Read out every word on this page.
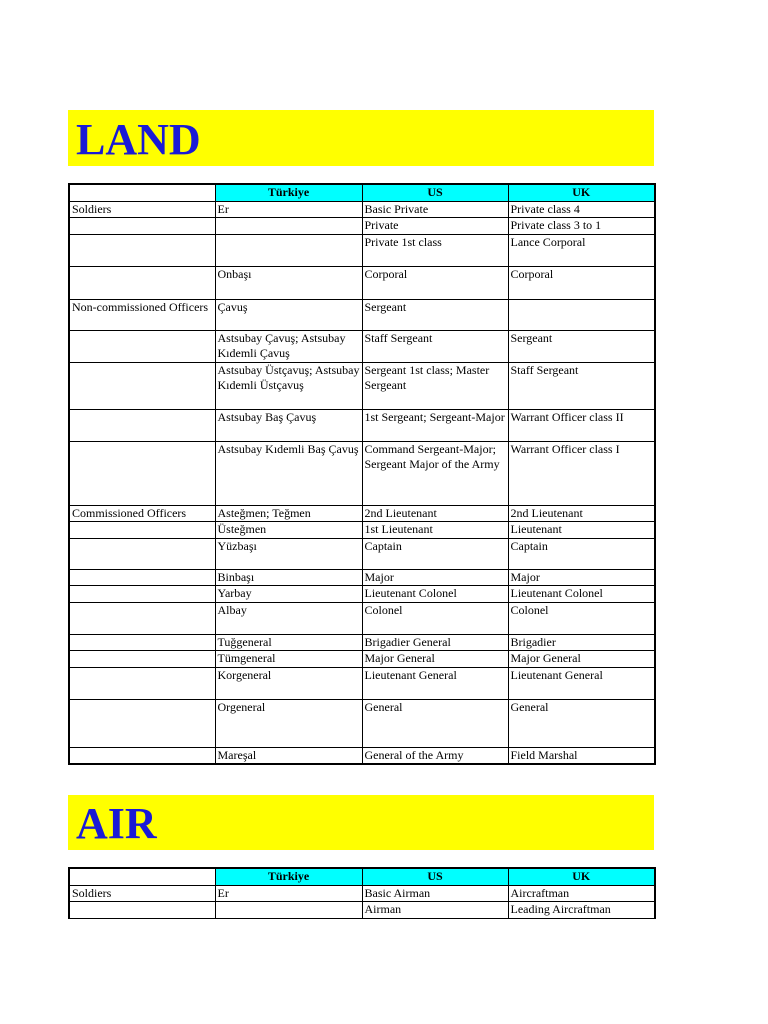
LAND
	Türkiye	US	UK
Soldiers	Er	Basic Private	Private class 4
		Private	Private class 3 to 1
		Private 1st class	Lance Corporal
	Onbaşı	Corporal	Corporal
Non-commissioned Officers	Çavuş	Sergeant	
	Astsubay Çavuş; Astsubay Kıdemli Çavuş	Staff Sergeant	Sergeant
	Astsubay Üstçavuş; Astsubay Kıdemli Üstçavuş	Sergeant 1st class; Master Sergeant	Staff Sergeant
	Astsubay Baş Çavuş	1st Sergeant; Sergeant-Major	Warrant Officer class II
	Astsubay Kıdemli Baş Çavuş	Command Sergeant-Major; Sergeant Major of the Army	Warrant Officer class I
Commissioned Officers	Asteğmen; Teğmen	2nd Lieutenant	2nd Lieutenant
	Üsteğmen	1st Lieutenant	Lieutenant
	Yüzbaşı	Captain	Captain
	Binbaşı	Major	Major
	Yarbay	Lieutenant Colonel	Lieutenant Colonel
	Albay	Colonel	Colonel
	Tuğgeneral	Brigadier General	Brigadier
	Tümgeneral	Major General	Major General
	Korgeneral	Lieutenant General	Lieutenant General
	Orgeneral	General	General
	Mareşal	General of the Army	Field Marshal
AIR
	Türkiye	US	UK
Soldiers	Er	Basic Airman	Aircraftman
		Airman	Leading Aircraftman
